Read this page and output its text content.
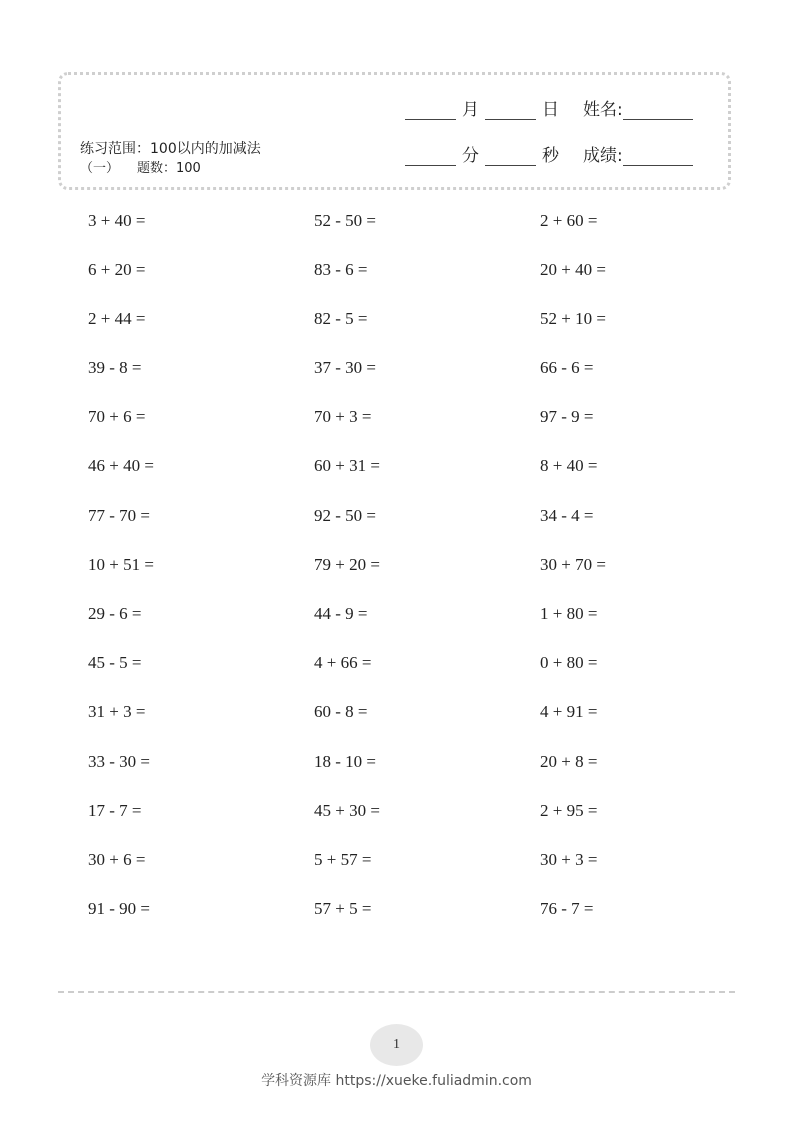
练习范围：100以内的加减法
（一） 题数：100
月	日 姓名:
分	秒 成绩:
3 + 40 =	52 - 50 =	2 + 60 =
6 + 20 =	83 - 6 =	20 + 40 =
2 + 44 =	82 - 5 =	52 + 10 =
39 - 8 =	37 - 30 =	66 - 6 =
70 + 6 =	70 + 3 =	97 - 9 =
46 + 40 =	60 + 31 =	8 + 40 =
77 - 70 =	92 - 50 =	34 - 4 =
10 + 51 =	79 + 20 =	30 + 70 =
29 - 6 =	44 - 9 =	1 + 80 =
45 - 5 =	4 + 66 =	0 + 80 =
31 + 3 =	60 - 8 =	4 + 91 =
33 - 30 =	18 - 10 =	20 + 8 =
17 - 7 =	45 + 30 =	2 + 95 =
30 + 6 =	5 + 57 =	30 + 3 =
91 - 90 =	57 + 5 =	76 - 7 =
1
学科资源库 https://xueke.fuliadmin.com
